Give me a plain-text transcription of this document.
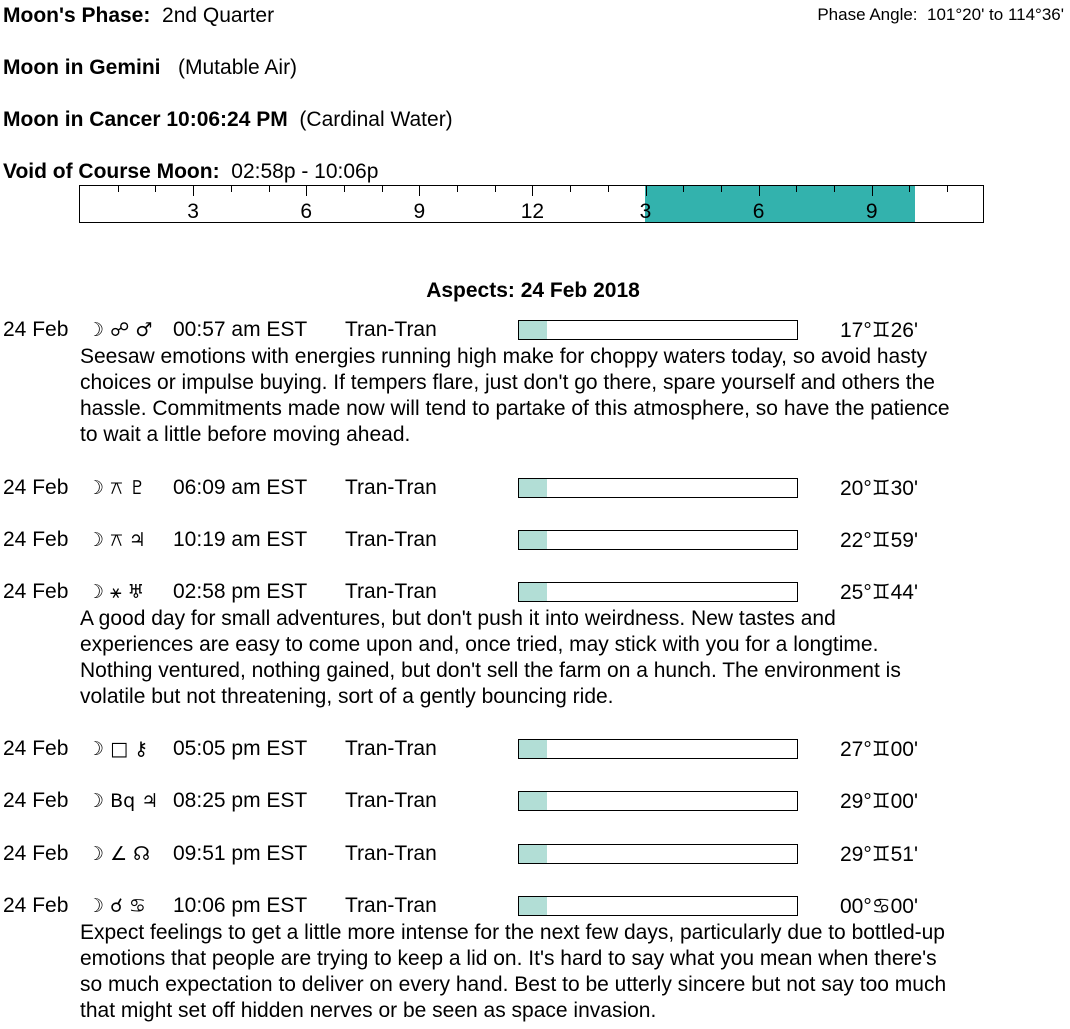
Moon's Phase: 2nd Quarter	Phase Angle: 101°20' to 114°36'
Moon in Gemini (Mutable Air)
Moon in Cancer 10:06:24 PM (Cardinal Water)
Void of Course Moon: 02:58p - 10:06p
3	6	9	12	3	6	9
Aspects: 24 Feb 2018
24 Feb ☽ ☍ ♂ 00:57 am EST Tran-Tran	17°♊26'
Seesaw emotions with energies running high make for choppy waters today, so avoid hasty
choices or impulse buying. If tempers flare, just don't go there, spare yourself and others the
hassle. Commitments made now will tend to partake of this atmosphere, so have the patience
to wait a little before moving ahead.
24 Feb ☽ ⚻ ♇ 06:09 am EST Tran-Tran	20°♊30'
24 Feb ☽ ⚻ ♃ 10:19 am EST Tran-Tran	22°♊59'
24 Feb ☽ ⚹ ♅ 02:58 pm EST Tran-Tran	25°♊44'
A good day for small adventures, but don't push it into weirdness. New tastes and
experiences are easy to come upon and, once tried, may stick with you for a longtime.
Nothing ventured, nothing gained, but don't sell the farm on a hunch. The environment is
volatile but not threatening, sort of a gently bouncing ride.
24 Feb ☽ □ ⚷ 05:05 pm EST Tran-Tran	27°♊00'
24 Feb ☽ Bq ♃ 08:25 pm EST Tran-Tran	29°♊00'
24 Feb ☽ ∠ ☊ 09:51 pm EST Tran-Tran	29°♊51'
24 Feb ☽ ☌ ♋ 10:06 pm EST Tran-Tran	00°♋00'
Expect feelings to get a little more intense for the next few days, particularly due to bottled-up
emotions that people are trying to keep a lid on. It's hard to say what you mean when there's
so much expectation to deliver on every hand. Best to be utterly sincere but not say too much
that might set off hidden nerves or be seen as space invasion.
